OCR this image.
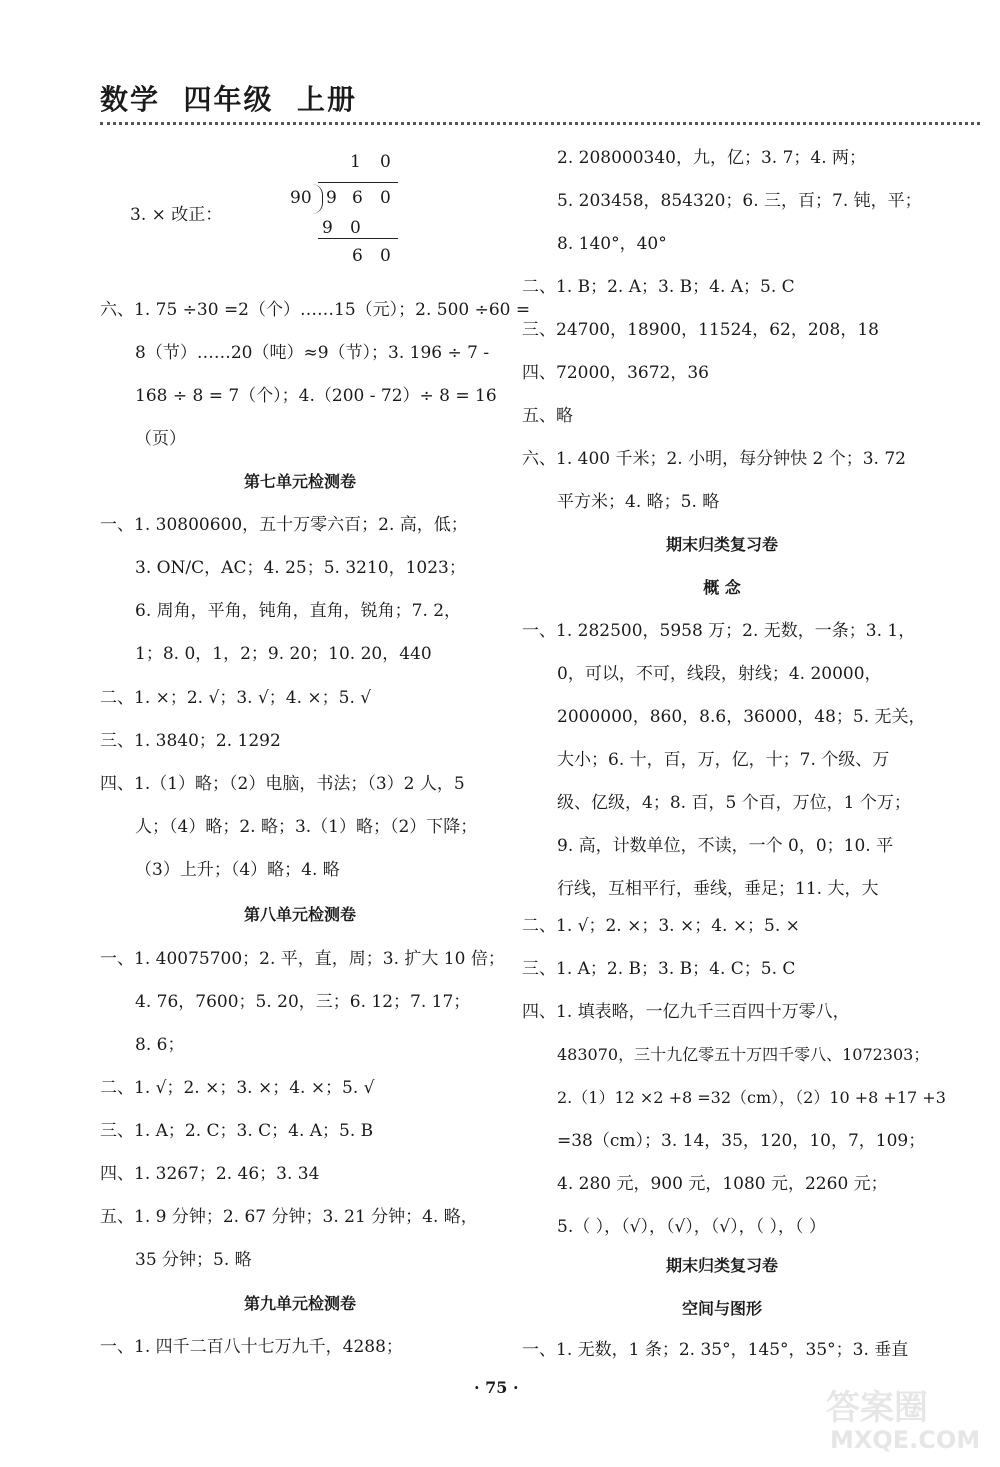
数学  四年级  上册
3. × 改正：
1 0
90 9 6 0
9 0
6 0
六、1. 75 ÷30 =2（个）……15（元）；2. 500 ÷60 =
8（节）……20（吨）≈9（节）；3. 196 ÷ 7 -
168 ÷ 8 = 7（个）；4.（200 - 72）÷ 8 = 16
（页）
第七单元检测卷
一、1. 30800600，五十万零六百；2. 高，低；
3. ON/C，AC；4. 25；5. 3210，1023；
6. 周角，平角，钝角，直角，锐角；7. 2，
1；8. 0，1，2；9. 20；10. 20，440
二、1. ×；2. √；3. √；4. ×；5. √
三、1. 3840；2. 1292
四、1.（1）略；（2）电脑，书法；（3）2 人，5
人；（4）略；2. 略；3.（1）略；（2）下降；
（3）上升；（4）略；4. 略
第八单元检测卷
一、1. 40075700；2. 平，直，周；3. 扩大 10 倍；
4. 76，7600；5. 20，三；6. 12；7. 17；
8. 6；
二、1. √；2. ×；3. ×；4. ×；5. √
三、1. A；2. C；3. C；4. A；5. B
四、1. 3267；2. 46；3. 34
五、1. 9 分钟；2. 67 分钟；3. 21 分钟；4. 略，
35 分钟；5. 略
第九单元检测卷
一、1. 四千二百八十七万九千，4288；
2. 208000340，九，亿；3. 7；4. 两；
5. 203458，854320；6. 三，百；7. 钝，平；
8. 140°，40°
二、1. B；2. A；3. B；4. A；5. C
三、24700，18900，11524，62，208，18
四、72000，3672，36
五、略
六、1. 400 千米；2. 小明，每分钟快 2 个；3. 72
平方米；4. 略；5. 略
期末归类复习卷
概 念
一、1. 282500，5958 万；2. 无数，一条；3. 1，
0，可以，不可，线段，射线；4. 20000，
2000000，860，8.6，36000，48；5. 无关，
大小；6. 十，百，万，亿，十；7. 个级、万
级、亿级，4；8. 百，5 个百，万位，1 个万；
9. 高，计数单位，不读，一个 0，0；10. 平
行线，互相平行，垂线，垂足；11. 大，大
二、1. √；2. ×；3. ×；4. ×；5. ×
三、1. A；2. B；3. B；4. C；5. C
四、1. 填表略，一亿九千三百四十万零八，
483070，三十九亿零五十万四千零八、1072303；
2.（1）12 ×2 +8 =32（cm），（2）10 +8 +17 +3
=38（cm）；3. 14，35，120，10，7，109；
4. 280 元，900 元，1080 元，2260 元；
5.（ ），（√），（√），（√），（ ），（ ）
期末归类复习卷
空间与图形
一、1. 无数，1 条；2. 35°，145°，35°；3. 垂直
· 75 ·
答案圈
MXQE.COM
